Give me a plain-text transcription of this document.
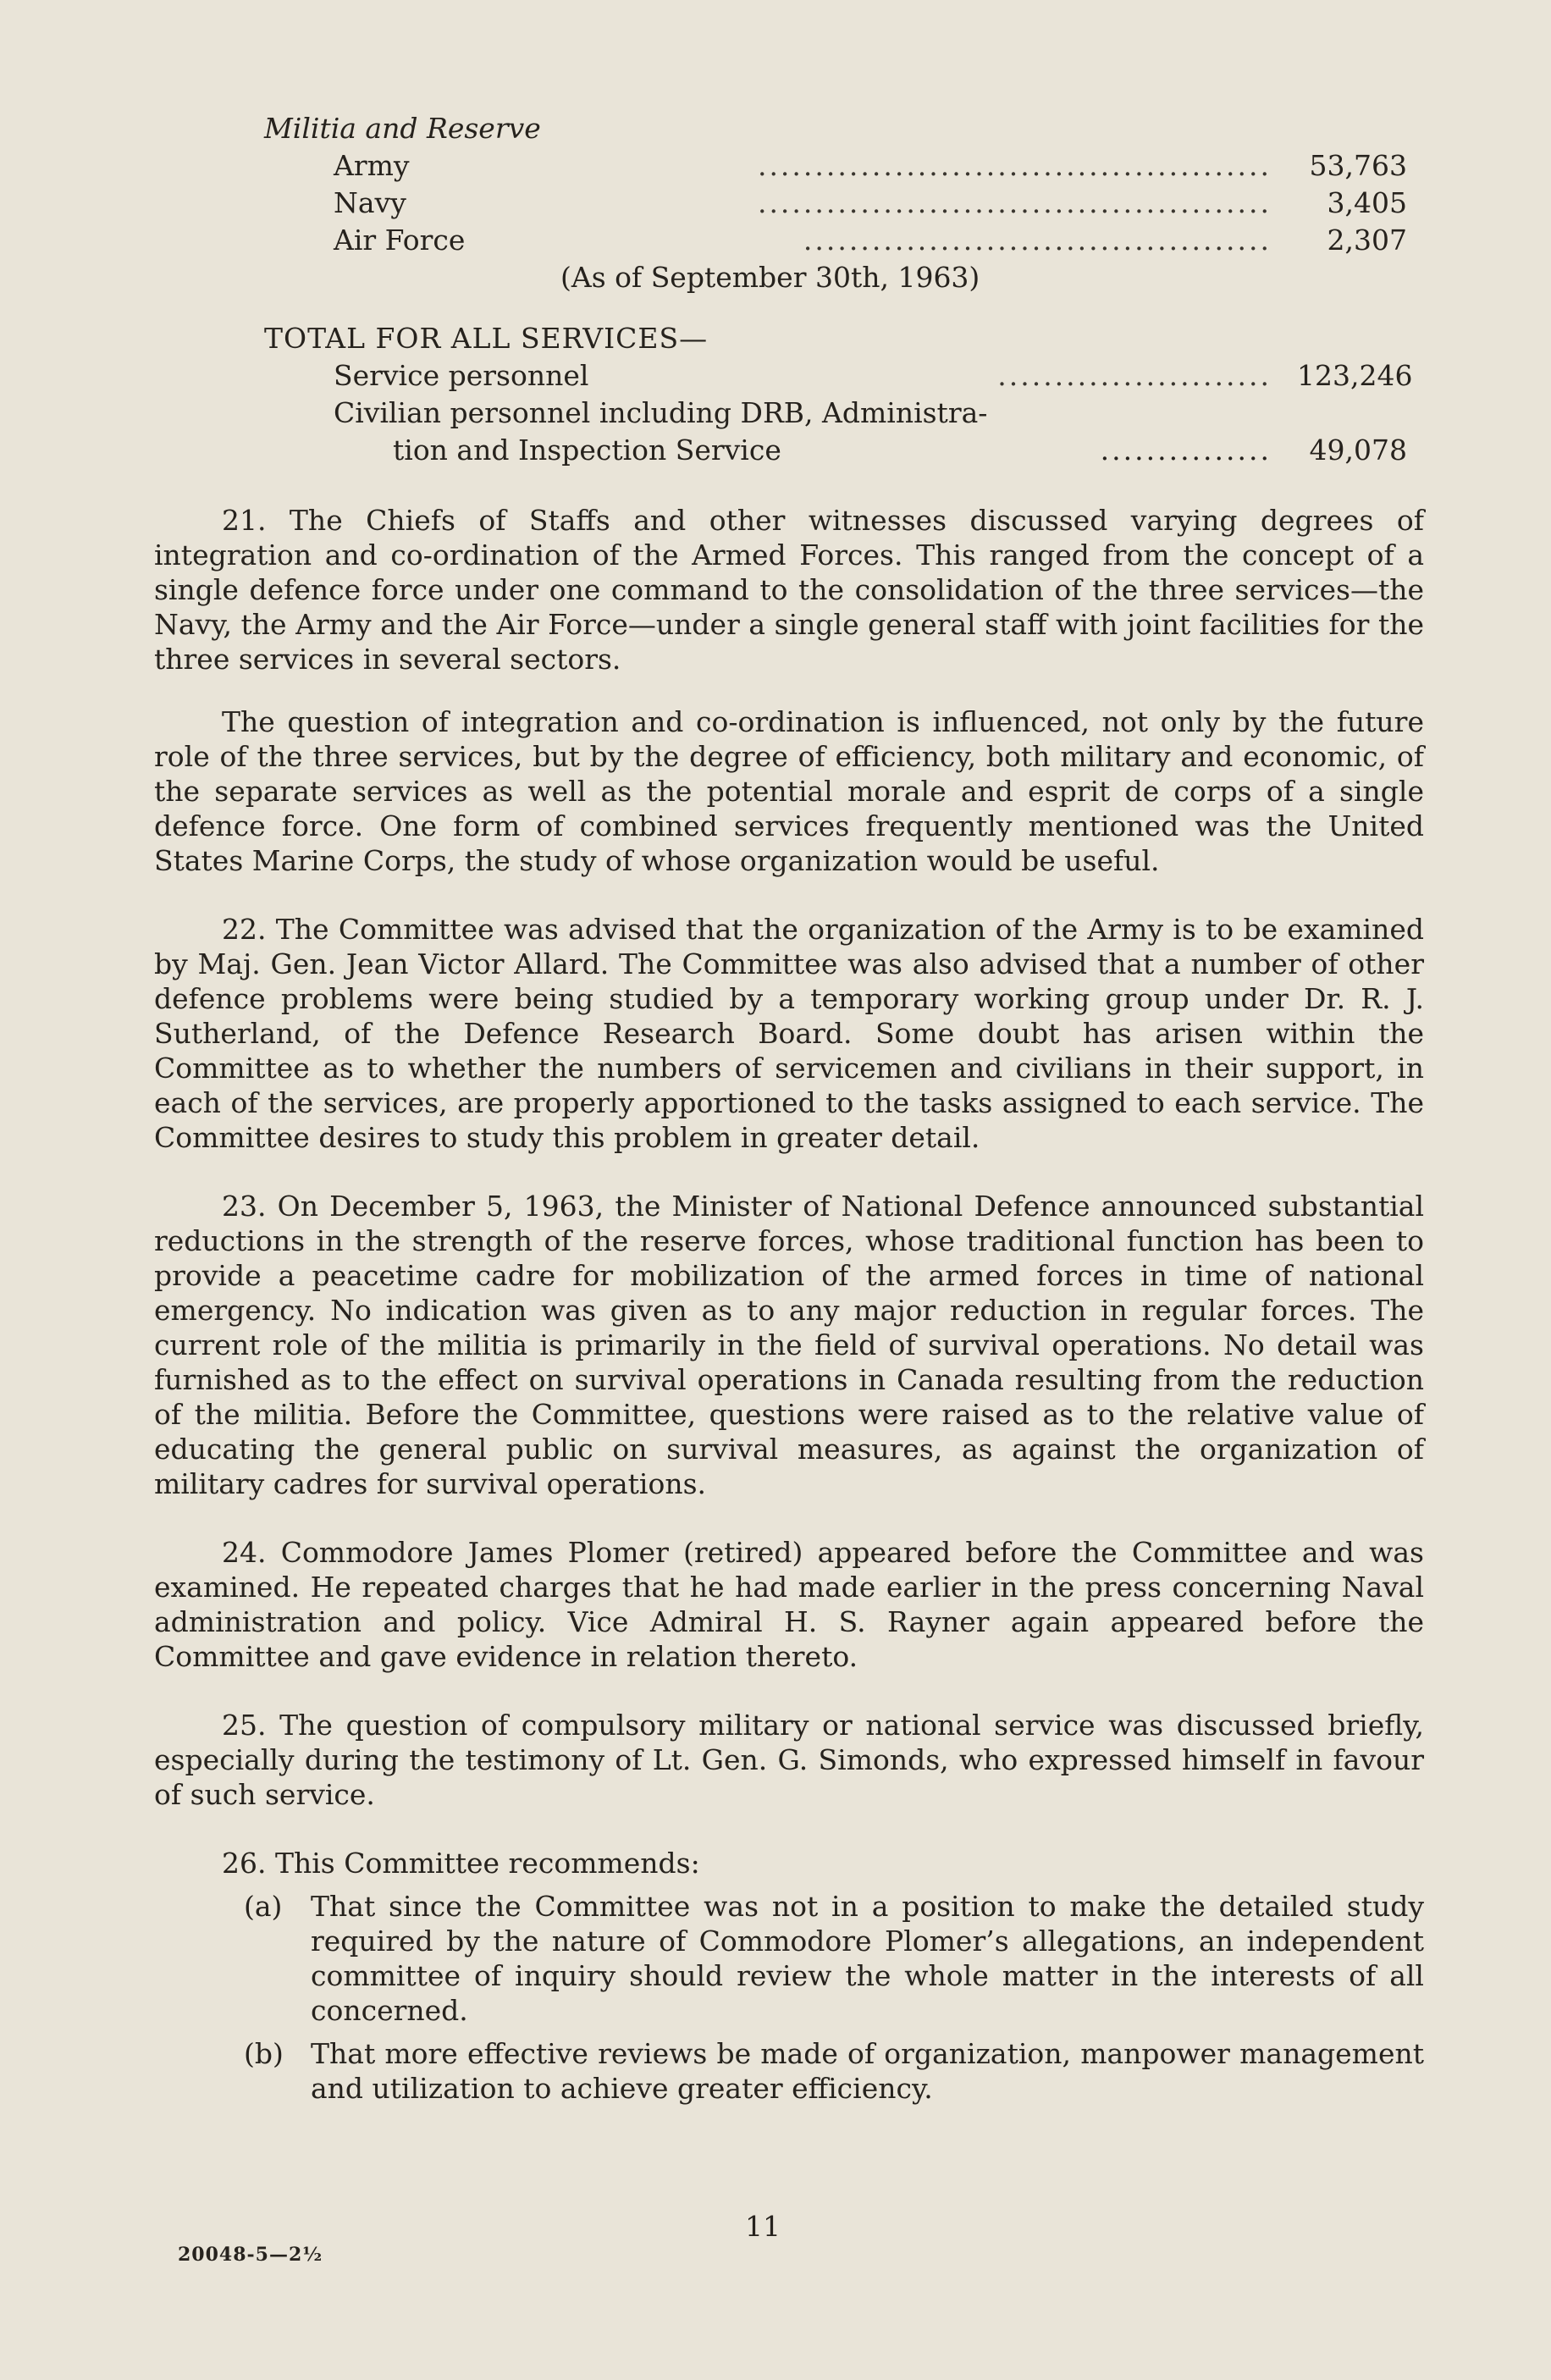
Militia and Reserve
Army	.............................................	53,763
Navy	.............................................	3,405
Air Force	.........................................	2,307
(As of September 30th, 1963)
TOTAL FOR ALL SERVICES—
Service personnel	........................ 123,246
Civilian personnel including DRB, Administra-
tion and Inspection Service	...............	49,078

21. The Chiefs of Staffs and other witnesses discussed varying degrees of integration and co-ordination of the Armed Forces. This ranged from the concept of a single defence force under one command to the consolidation of the three services—the Navy, the Army and the Air Force—under a single general staff with joint facilities for the three services in several sectors.

The question of integration and co-ordination is influenced, not only by the future role of the three services, but by the degree of efficiency, both military and economic, of the separate services as well as the potential morale and esprit de corps of a single defence force. One form of combined services frequently mentioned was the United States Marine Corps, the study of whose organization would be useful.

22. The Committee was advised that the organization of the Army is to be examined by Maj. Gen. Jean Victor Allard. The Committee was also advised that a number of other defence problems were being studied by a temporary working group under Dr. R. J. Sutherland, of the Defence Research Board. Some doubt has arisen within the Committee as to whether the numbers of servicemen and civilians in their support, in each of the services, are properly apportioned to the tasks assigned to each service. The Committee desires to study this problem in greater detail.

23. On December 5, 1963, the Minister of National Defence announced substantial reductions in the strength of the reserve forces, whose traditional function has been to provide a peacetime cadre for mobilization of the armed forces in time of national emergency. No indication was given as to any major reduction in regular forces. The current role of the militia is primarily in the field of survival operations. No detail was furnished as to the effect on survival operations in Canada resulting from the reduction of the militia. Before the Committee, questions were raised as to the relative value of educating the general public on survival measures, as against the organization of military cadres for survival operations.

24. Commodore James Plomer (retired) appeared before the Committee and was examined. He repeated charges that he had made earlier in the press concerning Naval administration and policy. Vice Admiral H. S. Rayner again appeared before the Committee and gave evidence in relation thereto.

25. The question of compulsory military or national service was discussed briefly, especially during the testimony of Lt. Gen. G. Simonds, who expressed himself in favour of such service.

26. This Committee recommends:
(a) That since the Committee was not in a position to make the detailed study required by the nature of Commodore Plomer’s allegations, an independent committee of inquiry should review the whole matter in the interests of all concerned.
(b) That more effective reviews be made of organization, manpower management and utilization to achieve greater efficiency.
11
20048-5—2½
